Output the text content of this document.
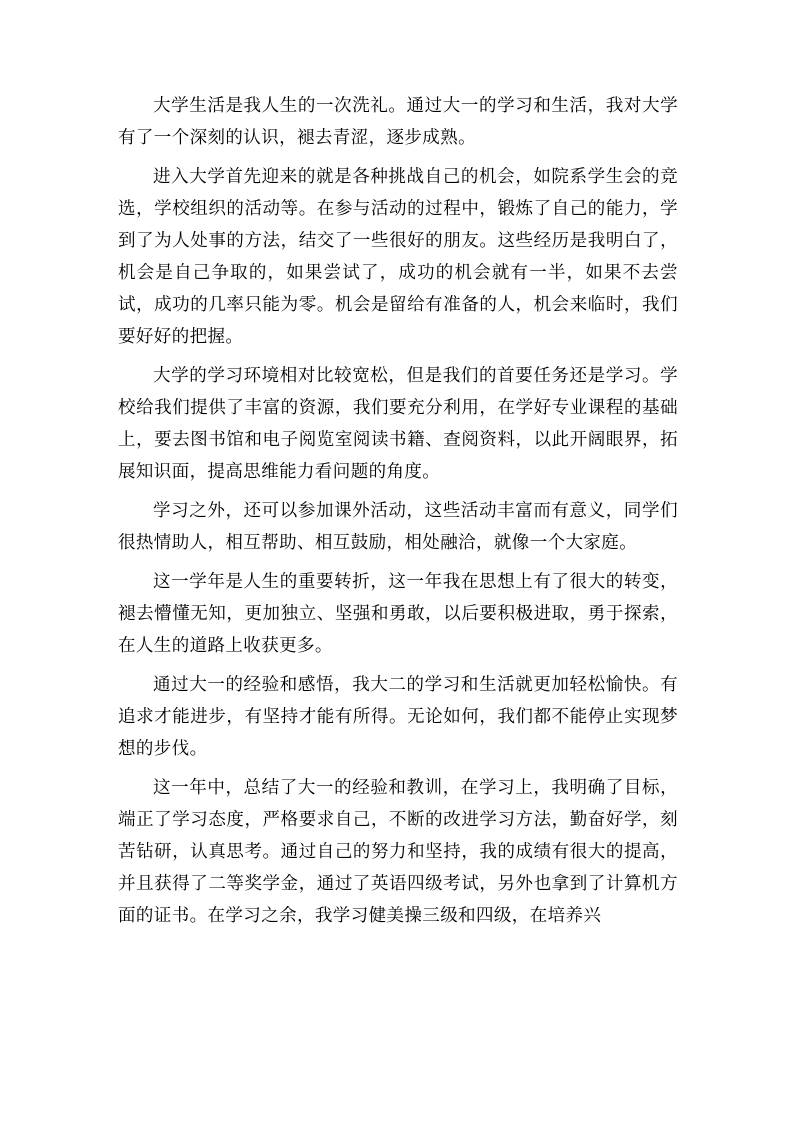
大学生活是我人生的一次洗礼。通过大一的学习和生活，我对大学有了一个深刻的认识，褪去青涩，逐步成熟。

进入大学首先迎来的就是各种挑战自己的机会，如院系学生会的竞选，学校组织的活动等。在参与活动的过程中，锻炼了自己的能力，学到了为人处事的方法，结交了一些很好的朋友。这些经历是我明白了，机会是自己争取的，如果尝试了，成功的机会就有一半，如果不去尝试，成功的几率只能为零。机会是留给有准备的人，机会来临时，我们要好好的把握。

大学的学习环境相对比较宽松，但是我们的首要任务还是学习。学校给我们提供了丰富的资源，我们要充分利用，在学好专业课程的基础上，要去图书馆和电子阅览室阅读书籍、查阅资料，以此开阔眼界，拓展知识面，提高思维能力看问题的角度。

学习之外，还可以参加课外活动，这些活动丰富而有意义，同学们很热情助人，相互帮助、相互鼓励，相处融洽，就像一个大家庭。

这一学年是人生的重要转折，这一年我在思想上有了很大的转变，褪去懵懂无知，更加独立、坚强和勇敢，以后要积极进取，勇于探索，在人生的道路上收获更多。

通过大一的经验和感悟，我大二的学习和生活就更加轻松愉快。有追求才能进步，有坚持才能有所得。无论如何，我们都不能停止实现梦想的步伐。

这一年中，总结了大一的经验和教训，在学习上，我明确了目标，端正了学习态度，严格要求自己，不断的改进学习方法，勤奋好学，刻苦钻研，认真思考。通过自己的努力和坚持，我的成绩有很大的提高，并且获得了二等奖学金，通过了英语四级考试，另外也拿到了计算机方面的证书。在学习之余，我学习健美操三级和四级，在培养兴
